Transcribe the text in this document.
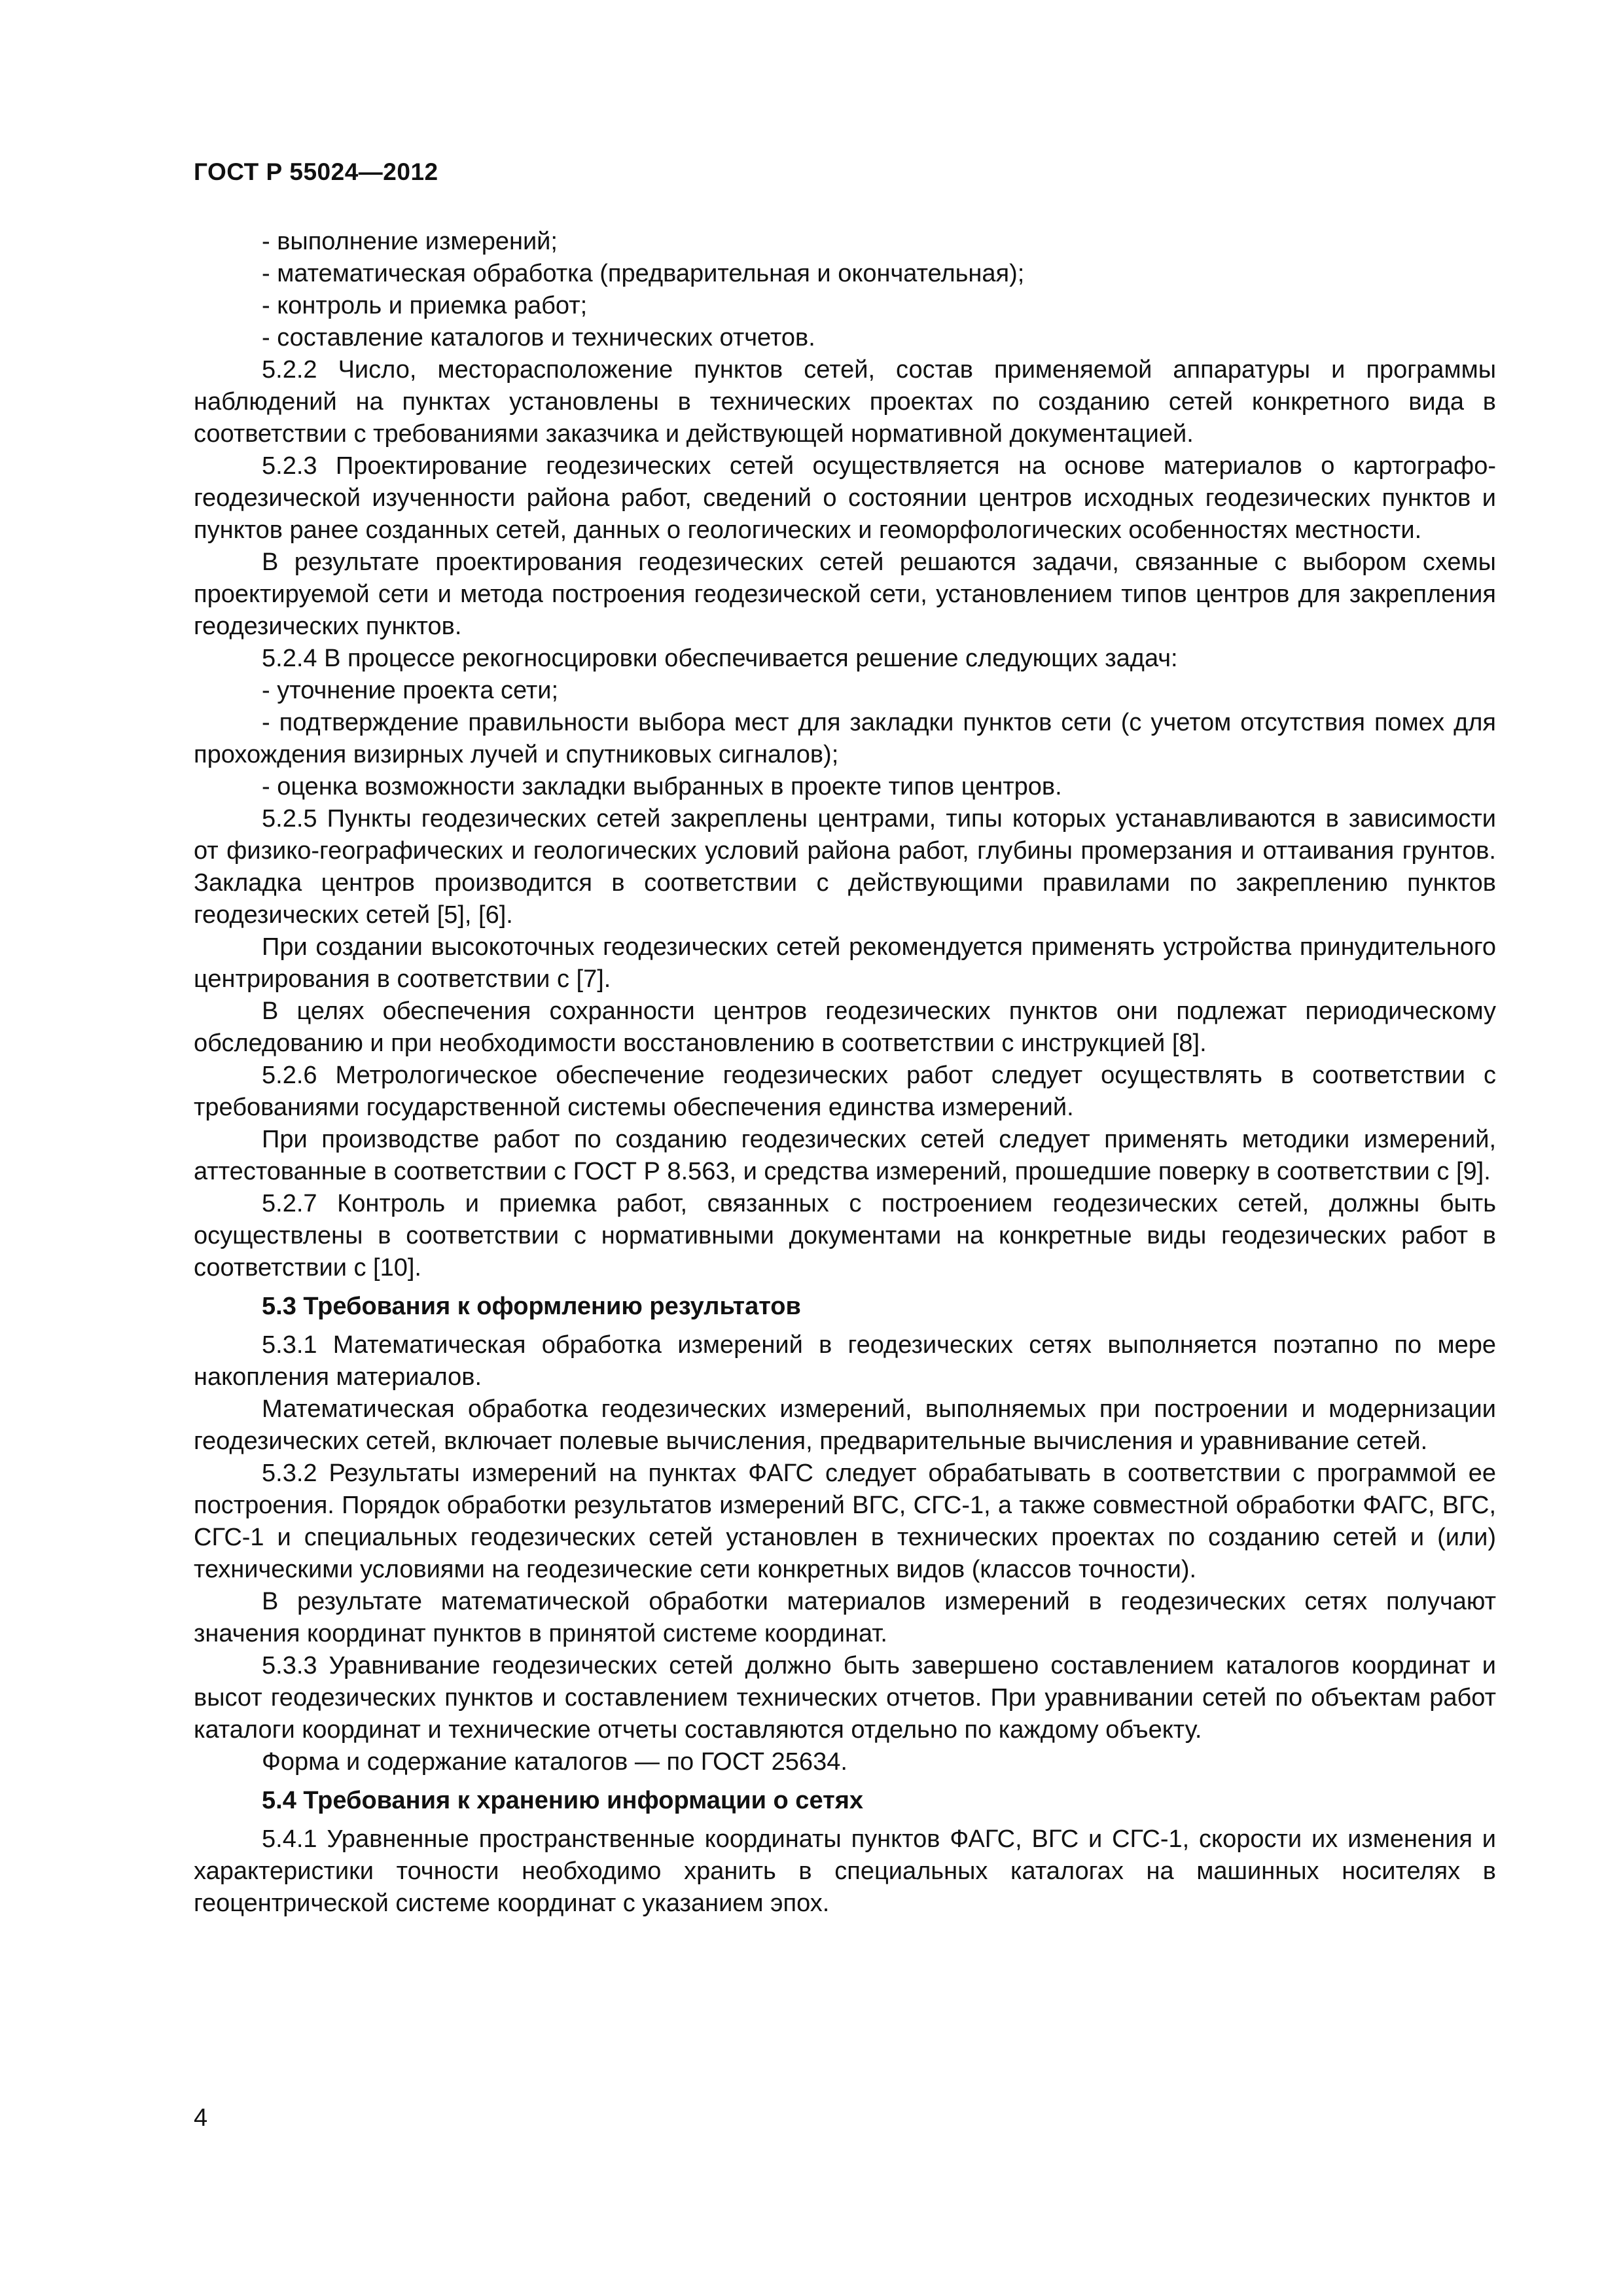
ГОСТ Р 55024—2012

- выполнение измерений;

- математическая обработка (предварительная и окончательная);

- контроль и приемка работ;

- составление каталогов и технических отчетов.

5.2.2 Число, месторасположение пунктов сетей, состав применяемой аппаратуры и программы наблюдений на пунктах установлены в технических проектах по созданию сетей конкретного вида в соответствии с требованиями заказчика и действующей нормативной документацией.

5.2.3 Проектирование геодезических сетей осуществляется на основе материалов о картографо-геодезической изученности района работ, сведений о состоянии центров исходных геодезических пунктов и пунктов ранее созданных сетей, данных о геологических и геоморфологических особенностях местности.

В результате проектирования геодезических сетей решаются задачи, связанные с выбором схемы проектируемой сети и метода построения геодезической сети, установлением типов центров для закрепления геодезических пунктов.

5.2.4 В процессе рекогносцировки обеспечивается решение следующих задач:

- уточнение проекта сети;

- подтверждение правильности выбора мест для закладки пунктов сети (с учетом отсутствия помех для прохождения визирных лучей и спутниковых сигналов);

- оценка возможности закладки выбранных в проекте типов центров.

5.2.5 Пункты геодезических сетей закреплены центрами, типы которых устанавливаются в зависимости от физико-географических и геологических условий района работ, глубины промерзания и оттаивания грунтов. Закладка центров производится в соответствии с действующими правилами по закреплению пунктов геодезических сетей [5], [6].

При создании высокоточных геодезических сетей рекомендуется применять устройства принудительного центрирования в соответствии с [7].

В целях обеспечения сохранности центров геодезических пунктов они подлежат периодическому обследованию и при необходимости восстановлению в соответствии с инструкцией [8].

5.2.6 Метрологическое обеспечение геодезических работ следует осуществлять в соответствии с требованиями государственной системы обеспечения единства измерений.

При производстве работ по созданию геодезических сетей следует применять методики измерений, аттестованные в соответствии с ГОСТ Р 8.563, и средства измерений, прошедшие поверку в соответствии с [9].

5.2.7 Контроль и приемка работ, связанных с построением геодезических сетей, должны быть осуществлены в соответствии с нормативными документами на конкретные виды геодезических работ в соответствии с [10].

5.3 Требования к оформлению результатов

5.3.1 Математическая обработка измерений в геодезических сетях выполняется поэтапно по мере накопления материалов.

Математическая обработка геодезических измерений, выполняемых при построении и модернизации геодезических сетей, включает полевые вычисления, предварительные вычисления и уравнивание сетей.

5.3.2 Результаты измерений на пунктах ФАГС следует обрабатывать в соответствии с программой ее построения. Порядок обработки результатов измерений ВГС, СГС-1, а также совместной обработки ФАГС, ВГС, СГС-1 и специальных геодезических сетей установлен в технических проектах по созданию сетей и (или) техническими условиями на геодезические сети конкретных видов (классов точности).

В результате математической обработки материалов измерений в геодезических сетях получают значения координат пунктов в принятой системе координат.

5.3.3 Уравнивание геодезических сетей должно быть завершено составлением каталогов координат и высот геодезических пунктов и составлением технических отчетов. При уравнивании сетей по объектам работ каталоги координат и технические отчеты составляются отдельно по каждому объекту.

Форма и содержание каталогов — по ГОСТ 25634.

5.4 Требования к хранению информации о сетях

5.4.1 Уравненные пространственные координаты пунктов ФАГС, ВГС и СГС-1, скорости их изменения и характеристики точности необходимо хранить в специальных каталогах на машинных носителях в геоцентрической системе координат с указанием эпох.

4
